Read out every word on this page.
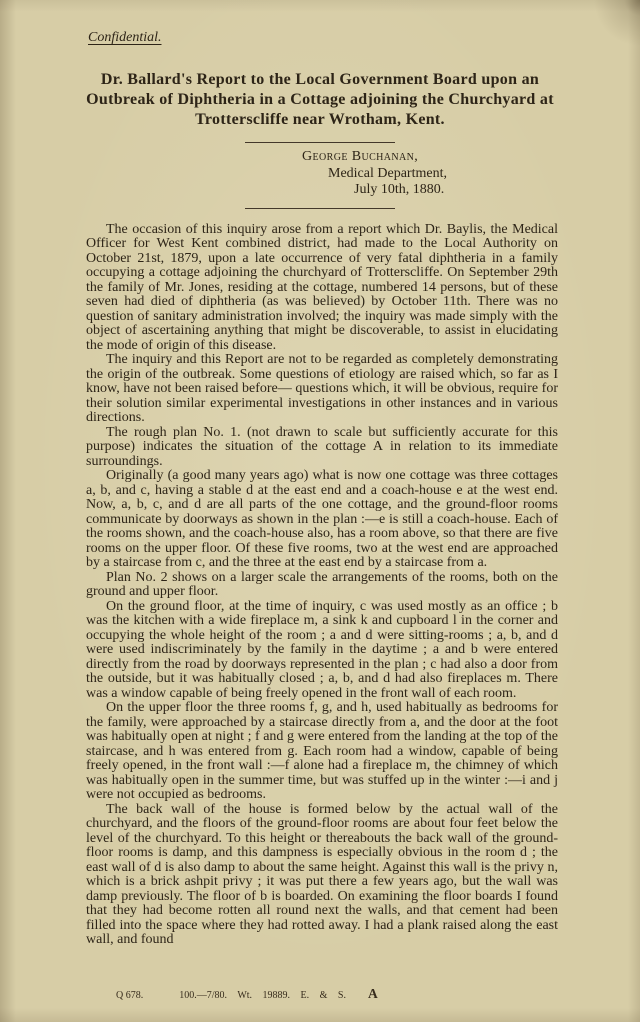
Confidential.
Dr. Ballard's Report to the Local Government Board upon an Outbreak of Diphtheria in a Cottage adjoining the Churchyard at Trotterscliffe near Wrotham, Kent.
George Buchanan,
Medical Department,
July 10th, 1880.

The occasion of this inquiry arose from a report which Dr. Baylis, the Medical Officer for West Kent combined district, had made to the Local Authority on October 21st, 1879, upon a late occurrence of very fatal diphtheria in a family occupying a cottage adjoining the churchyard of Trotterscliffe. On September 29th the family of Mr. Jones, residing at the cottage, numbered 14 persons, but of these seven had died of diphtheria (as was believed) by October 11th. There was no question of sanitary administration involved; the inquiry was made simply with the object of ascertaining anything that might be discoverable, to assist in elucidating the mode of origin of this disease.

The inquiry and this Report are not to be regarded as completely demonstrating the origin of the outbreak. Some questions of etiology are raised which, so far as I know, have not been raised before— questions which, it will be obvious, require for their solution similar experimental investigations in other instances and in various directions.

The rough plan No. 1. (not drawn to scale but sufficiently accurate for this purpose) indicates the situation of the cottage A in relation to its immediate surroundings.

Originally (a good many years ago) what is now one cottage was three cottages a, b, and c, having a stable d at the east end and a coach-house e at the west end. Now, a, b, c, and d are all parts of the one cottage, and the ground-floor rooms communicate by doorways as shown in the plan :—e is still a coach-house. Each of the rooms shown, and the coach-house also, has a room above, so that there are five rooms on the upper floor. Of these five rooms, two at the west end are approached by a staircase from c, and the three at the east end by a staircase from a.

Plan No. 2 shows on a larger scale the arrangements of the rooms, both on the ground and upper floor.

On the ground floor, at the time of inquiry, c was used mostly as an office ; b was the kitchen with a wide fireplace m, a sink k and cupboard l in the corner and occupying the whole height of the room ; a and d were sitting-rooms ; a, b, and d were used indiscriminately by the family in the daytime ; a and b were entered directly from the road by doorways represented in the plan ; c had also a door from the outside, but it was habitually closed ; a, b, and d had also fireplaces m. There was a window capable of being freely opened in the front wall of each room.

On the upper floor the three rooms f, g, and h, used habitually as bedrooms for the family, were approached by a staircase directly from a, and the door at the foot was habitually open at night ; f and g were entered from the landing at the top of the staircase, and h was entered from g. Each room had a window, capable of being freely opened, in the front wall :—f alone had a fireplace m, the chimney of which was habitually open in the summer time, but was stuffed up in the winter :—i and j were not occupied as bedrooms.

The back wall of the house is formed below by the actual wall of the churchyard, and the floors of the ground-floor rooms are about four feet below the level of the churchyard. To this height or thereabouts the back wall of the ground-floor rooms is damp, and this dampness is especially obvious in the room d ; the east wall of d is also damp to about the same height. Against this wall is the privy n, which is a brick ashpit privy ; it was put there a few years ago, but the wall was damp previously. The floor of b is boarded. On examining the floor boards I found that they had become rotten all round next the walls, and that cement had been filled into the space where they had rotted away. I had a plank raised along the east wall, and found

Q 678.	100.—7/80. Wt. 19889. E. & S. A
